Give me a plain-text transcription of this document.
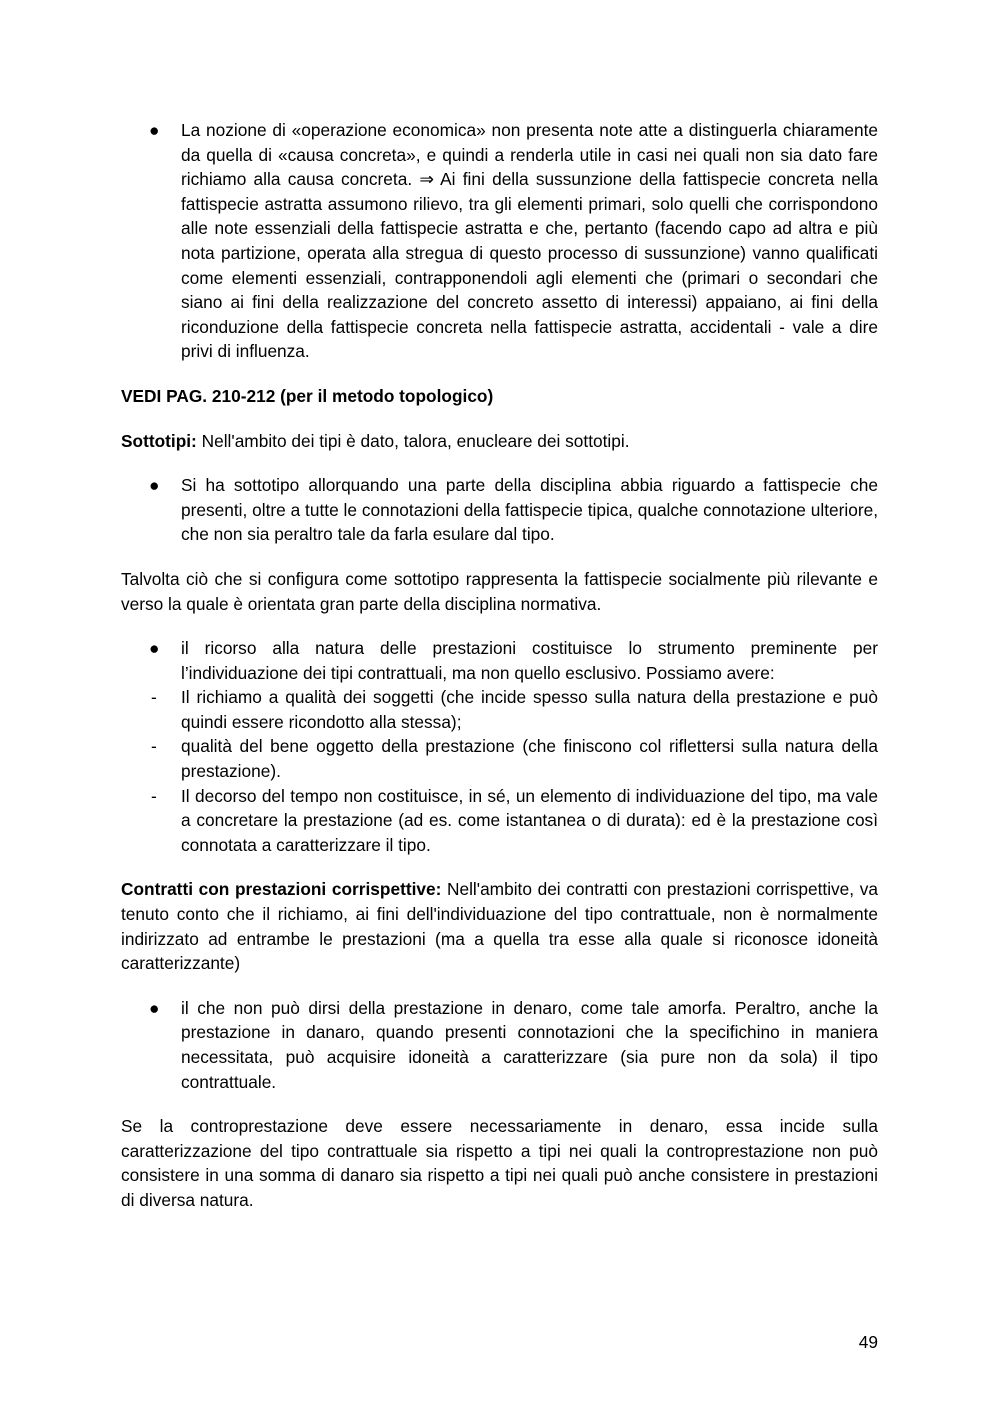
● La nozione di «operazione economica» non presenta note atte a distinguerla chiaramente da quella di «causa concreta», e quindi a renderla utile in casi nei quali non sia dato fare richiamo alla causa concreta. ⇒ Ai fini della sussunzione della fattispecie concreta nella fattispecie astratta assumono rilievo, tra gli elementi primari, solo quelli che corrispondono alle note essenziali della fattispecie astratta e che, pertanto (facendo capo ad altra e più nota partizione, operata alla stregua di questo processo di sussunzione) vanno qualificati come elementi essenziali, contrapponendoli agli elementi che (primari o secondari che siano ai fini della realizzazione del concreto assetto di interessi) appaiano, ai fini della riconduzione della fattispecie concreta nella fattispecie astratta, accidentali - vale a dire privi di influenza.

VEDI PAG. 210-212 (per il metodo topologico)

Sottotipi: Nell'ambito dei tipi è dato, talora, enucleare dei sottotipi.

● Si ha sottotipo allorquando una parte della disciplina abbia riguardo a fattispecie che presenti, oltre a tutte le connotazioni della fattispecie tipica, qualche connotazione ulteriore, che non sia peraltro tale da farla esulare dal tipo.

Talvolta ciò che si configura come sottotipo rappresenta la fattispecie socialmente più rilevante e verso la quale è orientata gran parte della disciplina normativa.

● il ricorso alla natura delle prestazioni costituisce lo strumento preminente per l’individuazione dei tipi contrattuali, ma non quello esclusivo. Possiamo avere:
- Il richiamo a qualità dei soggetti (che incide spesso sulla natura della prestazione e può quindi essere ricondotto alla stessa);
- qualità del bene oggetto della prestazione (che finiscono col riflettersi sulla natura della prestazione).
- Il decorso del tempo non costituisce, in sé, un elemento di individuazione del tipo, ma vale a concretare la prestazione (ad es. come istantanea o di durata): ed è la prestazione così connotata a caratterizzare il tipo.

Contratti con prestazioni corrispettive: Nell'ambito dei contratti con prestazioni corrispettive, va tenuto conto che il richiamo, ai fini dell'individuazione del tipo contrattuale, non è normalmente indirizzato ad entrambe le prestazioni (ma a quella tra esse alla quale si riconosce idoneità caratterizzante)

● il che non può dirsi della prestazione in denaro, come tale amorfa. Peraltro, anche la prestazione in danaro, quando presenti connotazioni che la specifichino in maniera necessitata, può acquisire idoneità a caratterizzare (sia pure non da sola) il tipo contrattuale.

Se la controprestazione deve essere necessariamente in denaro, essa incide sulla caratterizzazione del tipo contrattuale sia rispetto a tipi nei quali la controprestazione non può consistere in una somma di danaro sia rispetto a tipi nei quali può anche consistere in prestazioni di diversa natura.

49
